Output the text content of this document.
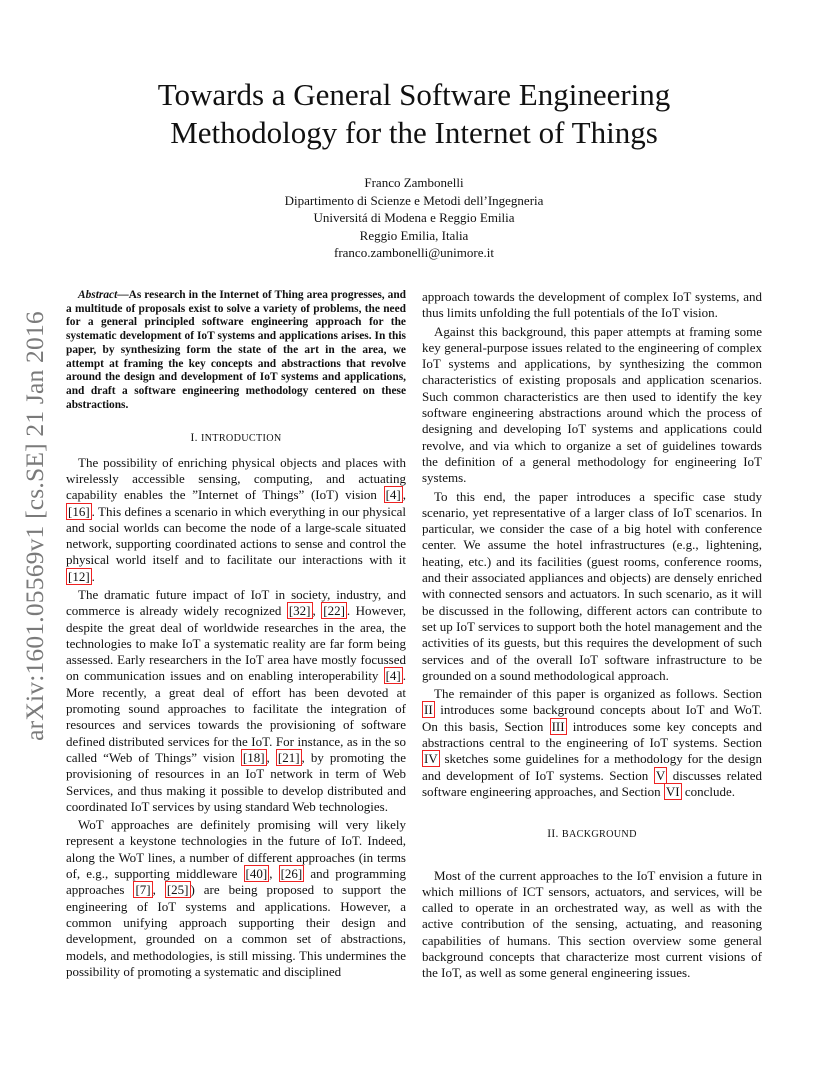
arXiv:1601.05569v1 [cs.SE] 21 Jan 2016
Towards a General Software Engineering
Methodology for the Internet of Things
Franco Zambonelli
Dipartimento di Scienze e Metodi dell’Ingegneria
Universitá di Modena e Reggio Emilia
Reggio Emilia, Italia
franco.zambonelli@unimore.it

Abstract—As research in the Internet of Thing area progresses, and a multitude of proposals exist to solve a variety of problems, the need for a general principled software engineering approach for the systematic development of IoT systems and applications arises. In this paper, by synthesizing form the state of the art in the area, we attempt at framing the key concepts and abstractions that revolve around the design and development of IoT systems and applications, and draft a software engineering methodology centered on these abstractions.

I. INTRODUCTION

The possibility of enriching physical objects and places with wirelessly accessible sensing, computing, and actuating capability enables the ”Internet of Things” (IoT) vision [4] , [16] . This defines a scenario in which everything in our physical and social worlds can become the node of a large-scale situated network, supporting coordinated actions to sense and control the physical world itself and to facilitate our interactions with it [12] .

The dramatic future impact of IoT in society, industry, and commerce is already widely recognized [32] , [22] . However, despite the great deal of worldwide researches in the area, the technologies to make IoT a systematic reality are far form being assessed. Early researchers in the IoT area have mostly focussed on communication issues and on enabling interoperability [4] . More recently, a great deal of effort has been devoted at promoting sound approaches to facilitate the integration of resources and services towards the provisioning of software defined distributed services for the IoT. For instance, as in the so called “Web of Things” vision [18] , [21] , by promoting the provisioning of resources in an IoT network in term of Web Services, and thus making it possible to develop distributed and coordinated IoT services by using standard Web technologies.

WoT approaches are definitely promising will very likely represent a keystone technologies in the future of IoT. Indeed, along the WoT lines, a number of different approaches (in terms of, e.g., supporting middleware [40] , [26] and programming approaches [7] , [25] ) are being proposed to support the engineering of IoT systems and applications. However, a common unifying approach supporting their design and development, grounded on a common set of abstractions, models, and methodologies, is still missing. This undermines the possibility of promoting a systematic and disciplined

approach towards the development of complex IoT systems, and thus limits unfolding the full potentials of the IoT vision.

Against this background, this paper attempts at framing some key general-purpose issues related to the engineering of complex IoT systems and applications, by synthesizing the common characteristics of existing proposals and application scenarios. Such common characteristics are then used to identify the key software engineering abstractions around which the process of designing and developing IoT systems and applications could revolve, and via which to organize a set of guidelines towards the definition of a general methodology for engineering IoT systems.

To this end, the paper introduces a specific case study scenario, yet representative of a larger class of IoT scenarios. In particular, we consider the case of a big hotel with conference center. We assume the hotel infrastructures (e.g., lightening, heating, etc.) and its facilities (guest rooms, conference rooms, and their associated appliances and objects) are densely enriched with connected sensors and actuators. In such scenario, as it will be discussed in the following, different actors can contribute to set up IoT services to support both the hotel management and the activities of its guests, but this requires the development of such services and of the overall IoT software infrastructure to be grounded on a sound methodological approach.

The remainder of this paper is organized as follows. Section II introduces some background concepts about IoT and WoT. On this basis, Section III introduces some key concepts and abstractions central to the engineering of IoT systems. Section IV sketches some guidelines for a methodology for the design and development of IoT systems. Section V discusses related software engineering approaches, and Section VI conclude.

II. BACKGROUND

Most of the current approaches to the IoT envision a future in which millions of ICT sensors, actuators, and services, will be called to operate in an orchestrated way, as well as with the active contribution of the sensing, actuating, and reasoning capabilities of humans. This section overview some general background concepts that characterize most current visions of the IoT, as well as some general engineering issues.
